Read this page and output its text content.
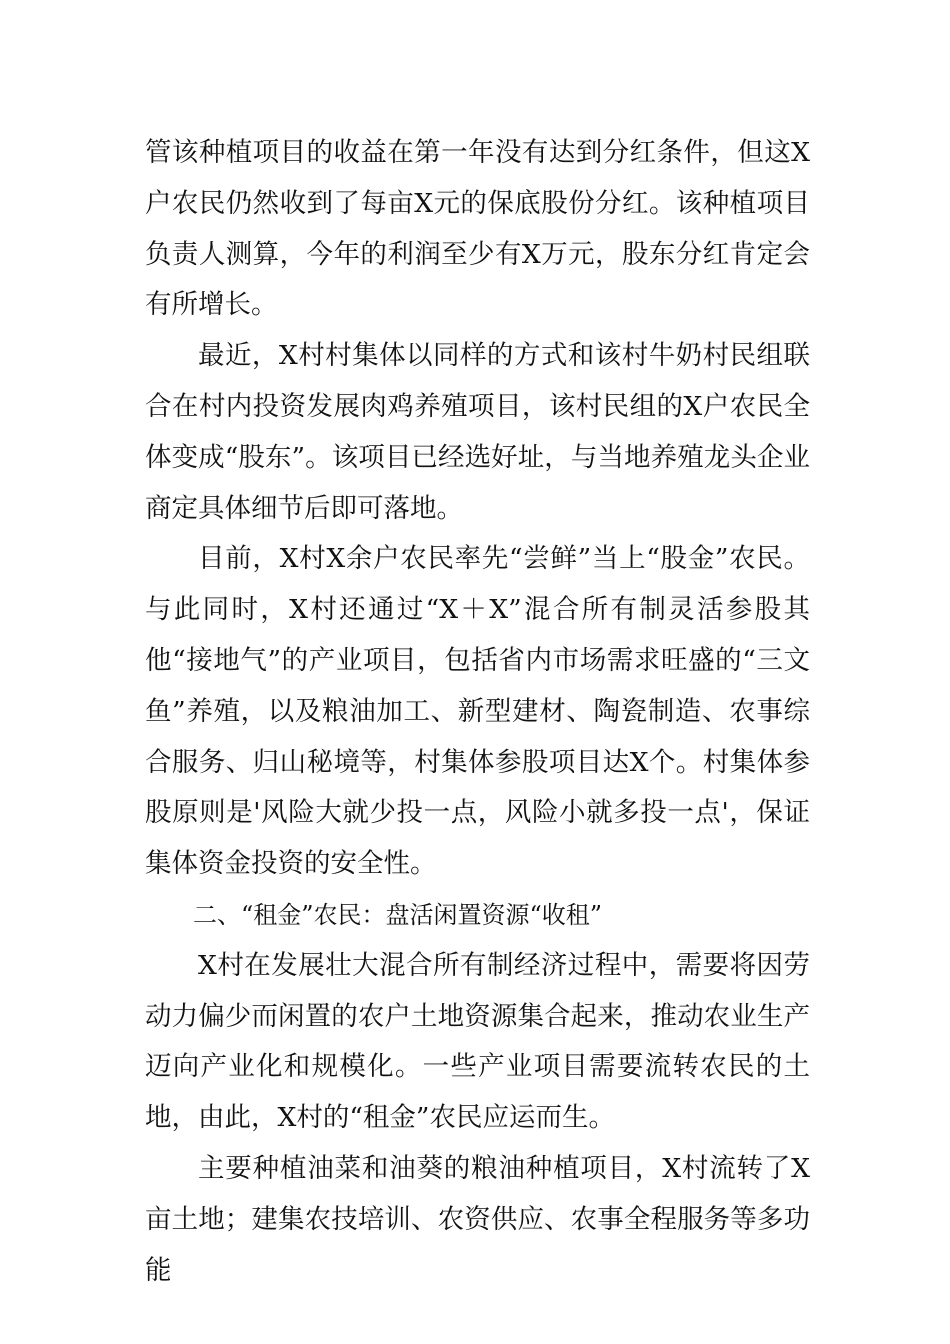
管该种植项目的收益在第一年没有达到分红条件，但这X户农民仍然收到了每亩X元的保底股份分红。该种植项目负责人测算，今年的利润至少有X万元，股东分红肯定会有所增长。

最近，X村村集体以同样的方式和该村牛奶村民组联合在村内投资发展肉鸡养殖项目，该村民组的X户农民全体变成“股东”。该项目已经选好址，与当地养殖龙头企业商定具体细节后即可落地。

目前，X村X余户农民率先“尝鲜”当上“股金”农民。与此同时，X村还通过“X＋X”混合所有制灵活参股其他“接地气”的产业项目，包括省内市场需求旺盛的“三文鱼”养殖，以及粮油加工、新型建材、陶瓷制造、农事综合服务、归山秘境等，村集体参股项目达X个。村集体参股原则是'风险大就少投一点，风险小就多投一点'，保证集体资金投资的安全性。

二、“租金”农民：盘活闲置资源“收租”

X村在发展壮大混合所有制经济过程中，需要将因劳动力偏少而闲置的农户土地资源集合起来，推动农业生产迈向产业化和规模化。一些产业项目需要流转农民的土地，由此，X村的“租金”农民应运而生。

主要种植油菜和油葵的粮油种植项目，X村流转了X亩土地；建集农技培训、农资供应、农事全程服务等多功能
